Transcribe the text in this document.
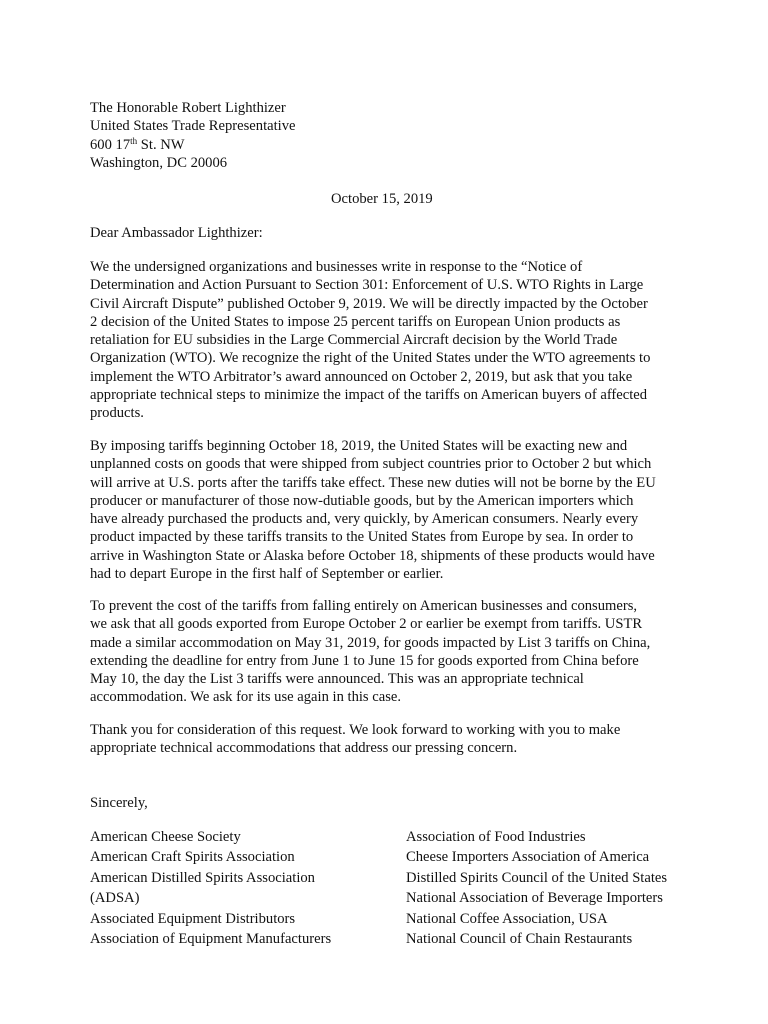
The Honorable Robert Lighthizer
United States Trade Representative
600 17th St. NW
Washington, DC 20006
October 15, 2019
Dear Ambassador Lighthizer:
We the undersigned organizations and businesses write in response to the “Notice of
Determination and Action Pursuant to Section 301: Enforcement of U.S. WTO Rights in Large
Civil Aircraft Dispute” published October 9, 2019. We will be directly impacted by the October
2 decision of the United States to impose 25 percent tariffs on European Union products as
retaliation for EU subsidies in the Large Commercial Aircraft decision by the World Trade
Organization (WTO). We recognize the right of the United States under the WTO agreements to
implement the WTO Arbitrator’s award announced on October 2, 2019, but ask that you take
appropriate technical steps to minimize the impact of the tariffs on American buyers of affected
products.
By imposing tariffs beginning October 18, 2019, the United States will be exacting new and
unplanned costs on goods that were shipped from subject countries prior to October 2 but which
will arrive at U.S. ports after the tariffs take effect. These new duties will not be borne by the EU
producer or manufacturer of those now-dutiable goods, but by the American importers which
have already purchased the products and, very quickly, by American consumers. Nearly every
product impacted by these tariffs transits to the United States from Europe by sea. In order to
arrive in Washington State or Alaska before October 18, shipments of these products would have
had to depart Europe in the first half of September or earlier.
To prevent the cost of the tariffs from falling entirely on American businesses and consumers,
we ask that all goods exported from Europe October 2 or earlier be exempt from tariffs. USTR
made a similar accommodation on May 31, 2019, for goods impacted by List 3 tariffs on China,
extending the deadline for entry from June 1 to June 15 for goods exported from China before
May 10, the day the List 3 tariffs were announced. This was an appropriate technical
accommodation. We ask for its use again in this case.
Thank you for consideration of this request. We look forward to working with you to make
appropriate technical accommodations that address our pressing concern.
Sincerely,
American Cheese Society
American Craft Spirits Association
American Distilled Spirits Association
(ADSA)
Associated Equipment Distributors
Association of Equipment Manufacturers
Association of Food Industries
Cheese Importers Association of America
Distilled Spirits Council of the United States
National Association of Beverage Importers
National Coffee Association, USA
National Council of Chain Restaurants
